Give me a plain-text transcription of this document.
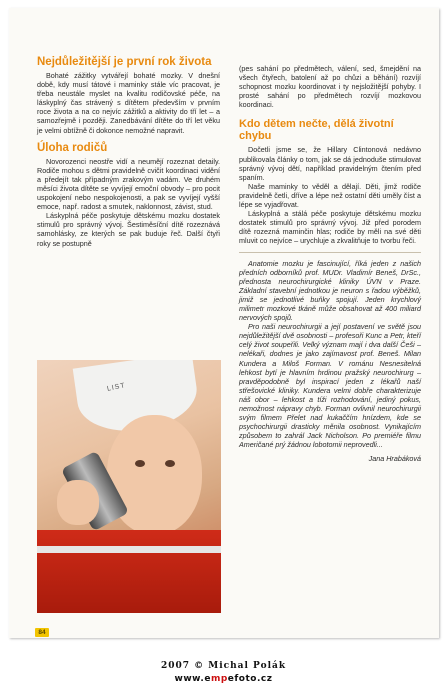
Nejdůležitější je první rok života

Bohaté zážitky vytvářejí bohaté mozky. V dnešní době, kdy musí tátové i maminky stále víc pracovat, je třeba neustále myslet na kvalitu rodičovské péče, na láskyplný čas strávený s dítětem především v prvním roce života a na co nejvíc zážitků a aktivity do tří let – a samozřejmě i později. Zanedbávání dítěte do tří let věku je velmi obtížně či dokonce nemožné napravit.

Úloha rodičů

Novorozenci neostře vidí a neumějí rozeznat detaily. Rodiče mohou s dětmi pravidelně cvičit koordinaci vidění a předejít tak případným zrakovým vadám. Ve druhém měsíci života dítěte se vyvíjejí emoční obvody – pro pocit uspokojení nebo nespokojenosti, a pak se vyvíjejí vyšší emoce, např. radost a smutek, naklonnost, závist, stud.

Láskyplná péče poskytuje dětskému mozku dostatek stimulů pro správný vývoj. Šestiměsíční dítě rozeznává samohlásky, ze kterých se pak buduje řeč. Další čtyři roky se postupně

LIST

(pes sahání po předmětech, válení, sed, šmejdění na všech čtyřech, batolení až po chůzi a běhání) rozvíjí schopnost mozku koordinovat i ty nejsložitější pohyby. I prosté sahání po předmětech rozvíjí mozkovou koordinaci.

Kdo dětem nečte, dělá životní chybu

Dočetli jsme se, že Hillary Clintonová nedávno publikovala články o tom, jak se dá jednoduše stimulovat správný vývoj dětí, například pravidelným čtením před spaním.

Naše maminky to věděl a dělají. Děti, jimž rodiče pravidelně četli, dříve a lépe než ostatní děti uměly číst a lépe se vyjadřovat.

Láskyplná a stálá péče poskytuje dětskému mozku dostatek stimulů pro správný vývoj. Již před porodem dítě rozezná maminčin hlas; rodiče by měli na své děti mluvit co nejvíce – urychluje a zkvalitňuje to tvorbu řeči.

Anatomie mozku je fascinující, říká jeden z našich předních odborníků prof. MUDr. Vladimír Beneš, DrSc., přednosta neurochirurgické kliniky ÚVN v Praze. Základní stavební jednotkou je neuron s řadou výběžků, jimiž se jednotlivé buňky spojují. Jeden krychlový milimetr mozkové tkáně může obsahovat až 400 miliard nervových spojů.

Pro naši neurochirurgii a její postavení ve světě jsou nejdůležitější dvě osobnosti – profesoři Kunc a Petr, kteří celý život soupeřili. Velký význam mají i dva další Češi – nelékaři, dodnes je jako zajímavost prof. Beneš. Milan Kundera a Miloš Forman. V románu Nesnesitelná lehkost bytí je hlavním hrdinou pražský neurochirurg – pravděpodobně byl inspirací jeden z lékařů naší střešovické kliniky. Kundera velmi dobře charakterizuje náš obor – lehkost a tíži rozhodování, jediný pokus, nemožnost nápravy chyb. Forman ovlivnil neurochirurgii svým filmem Přelet nad kukaččím hnízdem, kde se psychochirurgii drasticky měnila osobnost. Vynikajícím způsobem to zahrál Jack Nicholson. Po premiéře filmu Američané prý žádnou lobotomii neprovedli...

Jana Hrabáková
84
2007 © Michal Polák
www.empefoto.cz
